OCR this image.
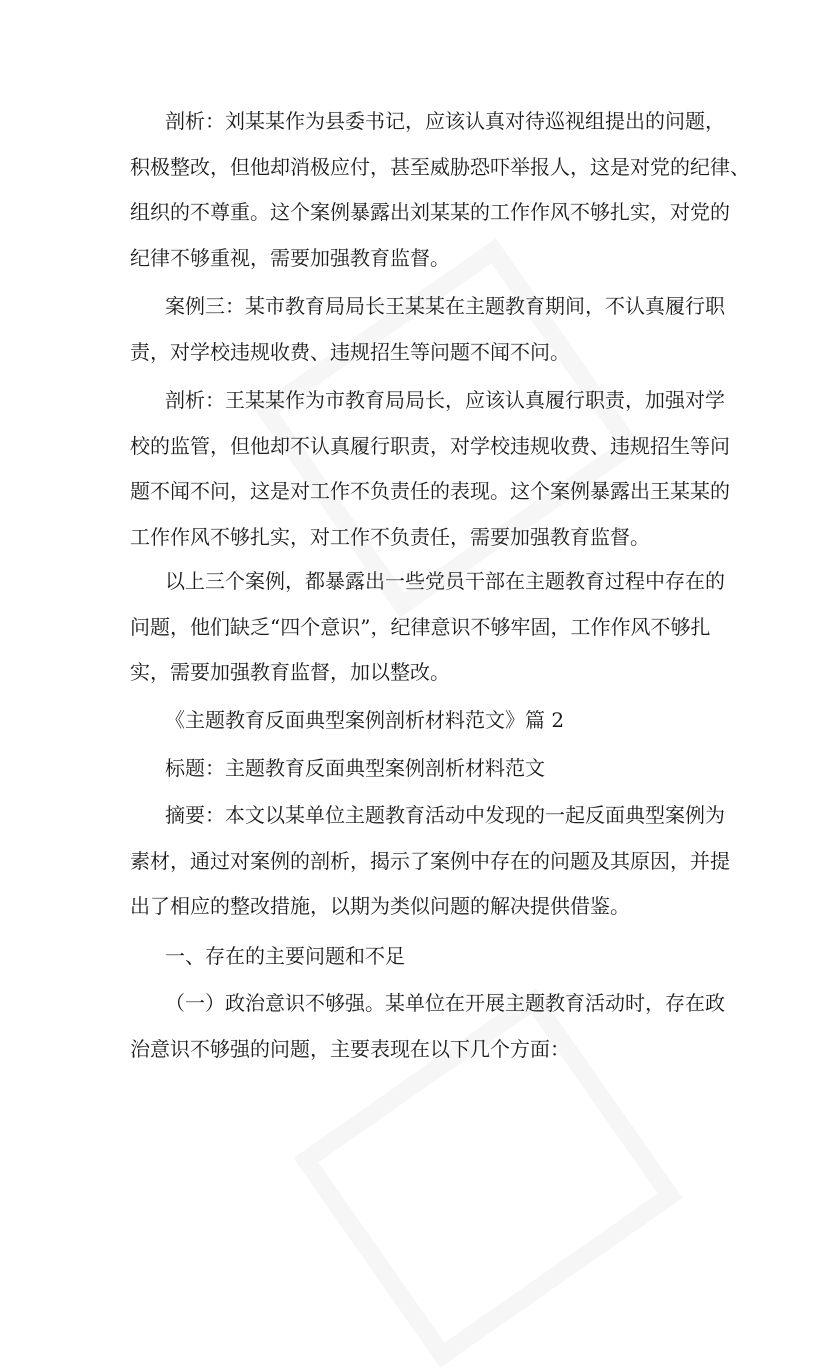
剖析：刘某某作为县委书记，应该认真对待巡视组提出的问题，
积极整改，但他却消极应付，甚至威胁恐吓举报人，这是对党的纪律、
组织的不尊重。这个案例暴露出刘某某的工作作风不够扎实，对党的
纪律不够重视，需要加强教育监督。
案例三：某市教育局局长王某某在主题教育期间，不认真履行职
责，对学校违规收费、违规招生等问题不闻不问。
剖析：王某某作为市教育局局长，应该认真履行职责，加强对学
校的监管，但他却不认真履行职责，对学校违规收费、违规招生等问
题不闻不问，这是对工作不负责任的表现。这个案例暴露出王某某的
工作作风不够扎实，对工作不负责任，需要加强教育监督。
以上三个案例，都暴露出一些党员干部在主题教育过程中存在的
问题，他们缺乏“四个意识”，纪律意识不够牢固，工作作风不够扎
实，需要加强教育监督，加以整改。
《主题教育反面典型案例剖析材料范文》篇 2
标题：主题教育反面典型案例剖析材料范文
摘要：本文以某单位主题教育活动中发现的一起反面典型案例为
素材，通过对案例的剖析，揭示了案例中存在的问题及其原因，并提
出了相应的整改措施，以期为类似问题的解决提供借鉴。
一、存在的主要问题和不足
（一）政治意识不够强。某单位在开展主题教育活动时，存在政
治意识不够强的问题，主要表现在以下几个方面：
